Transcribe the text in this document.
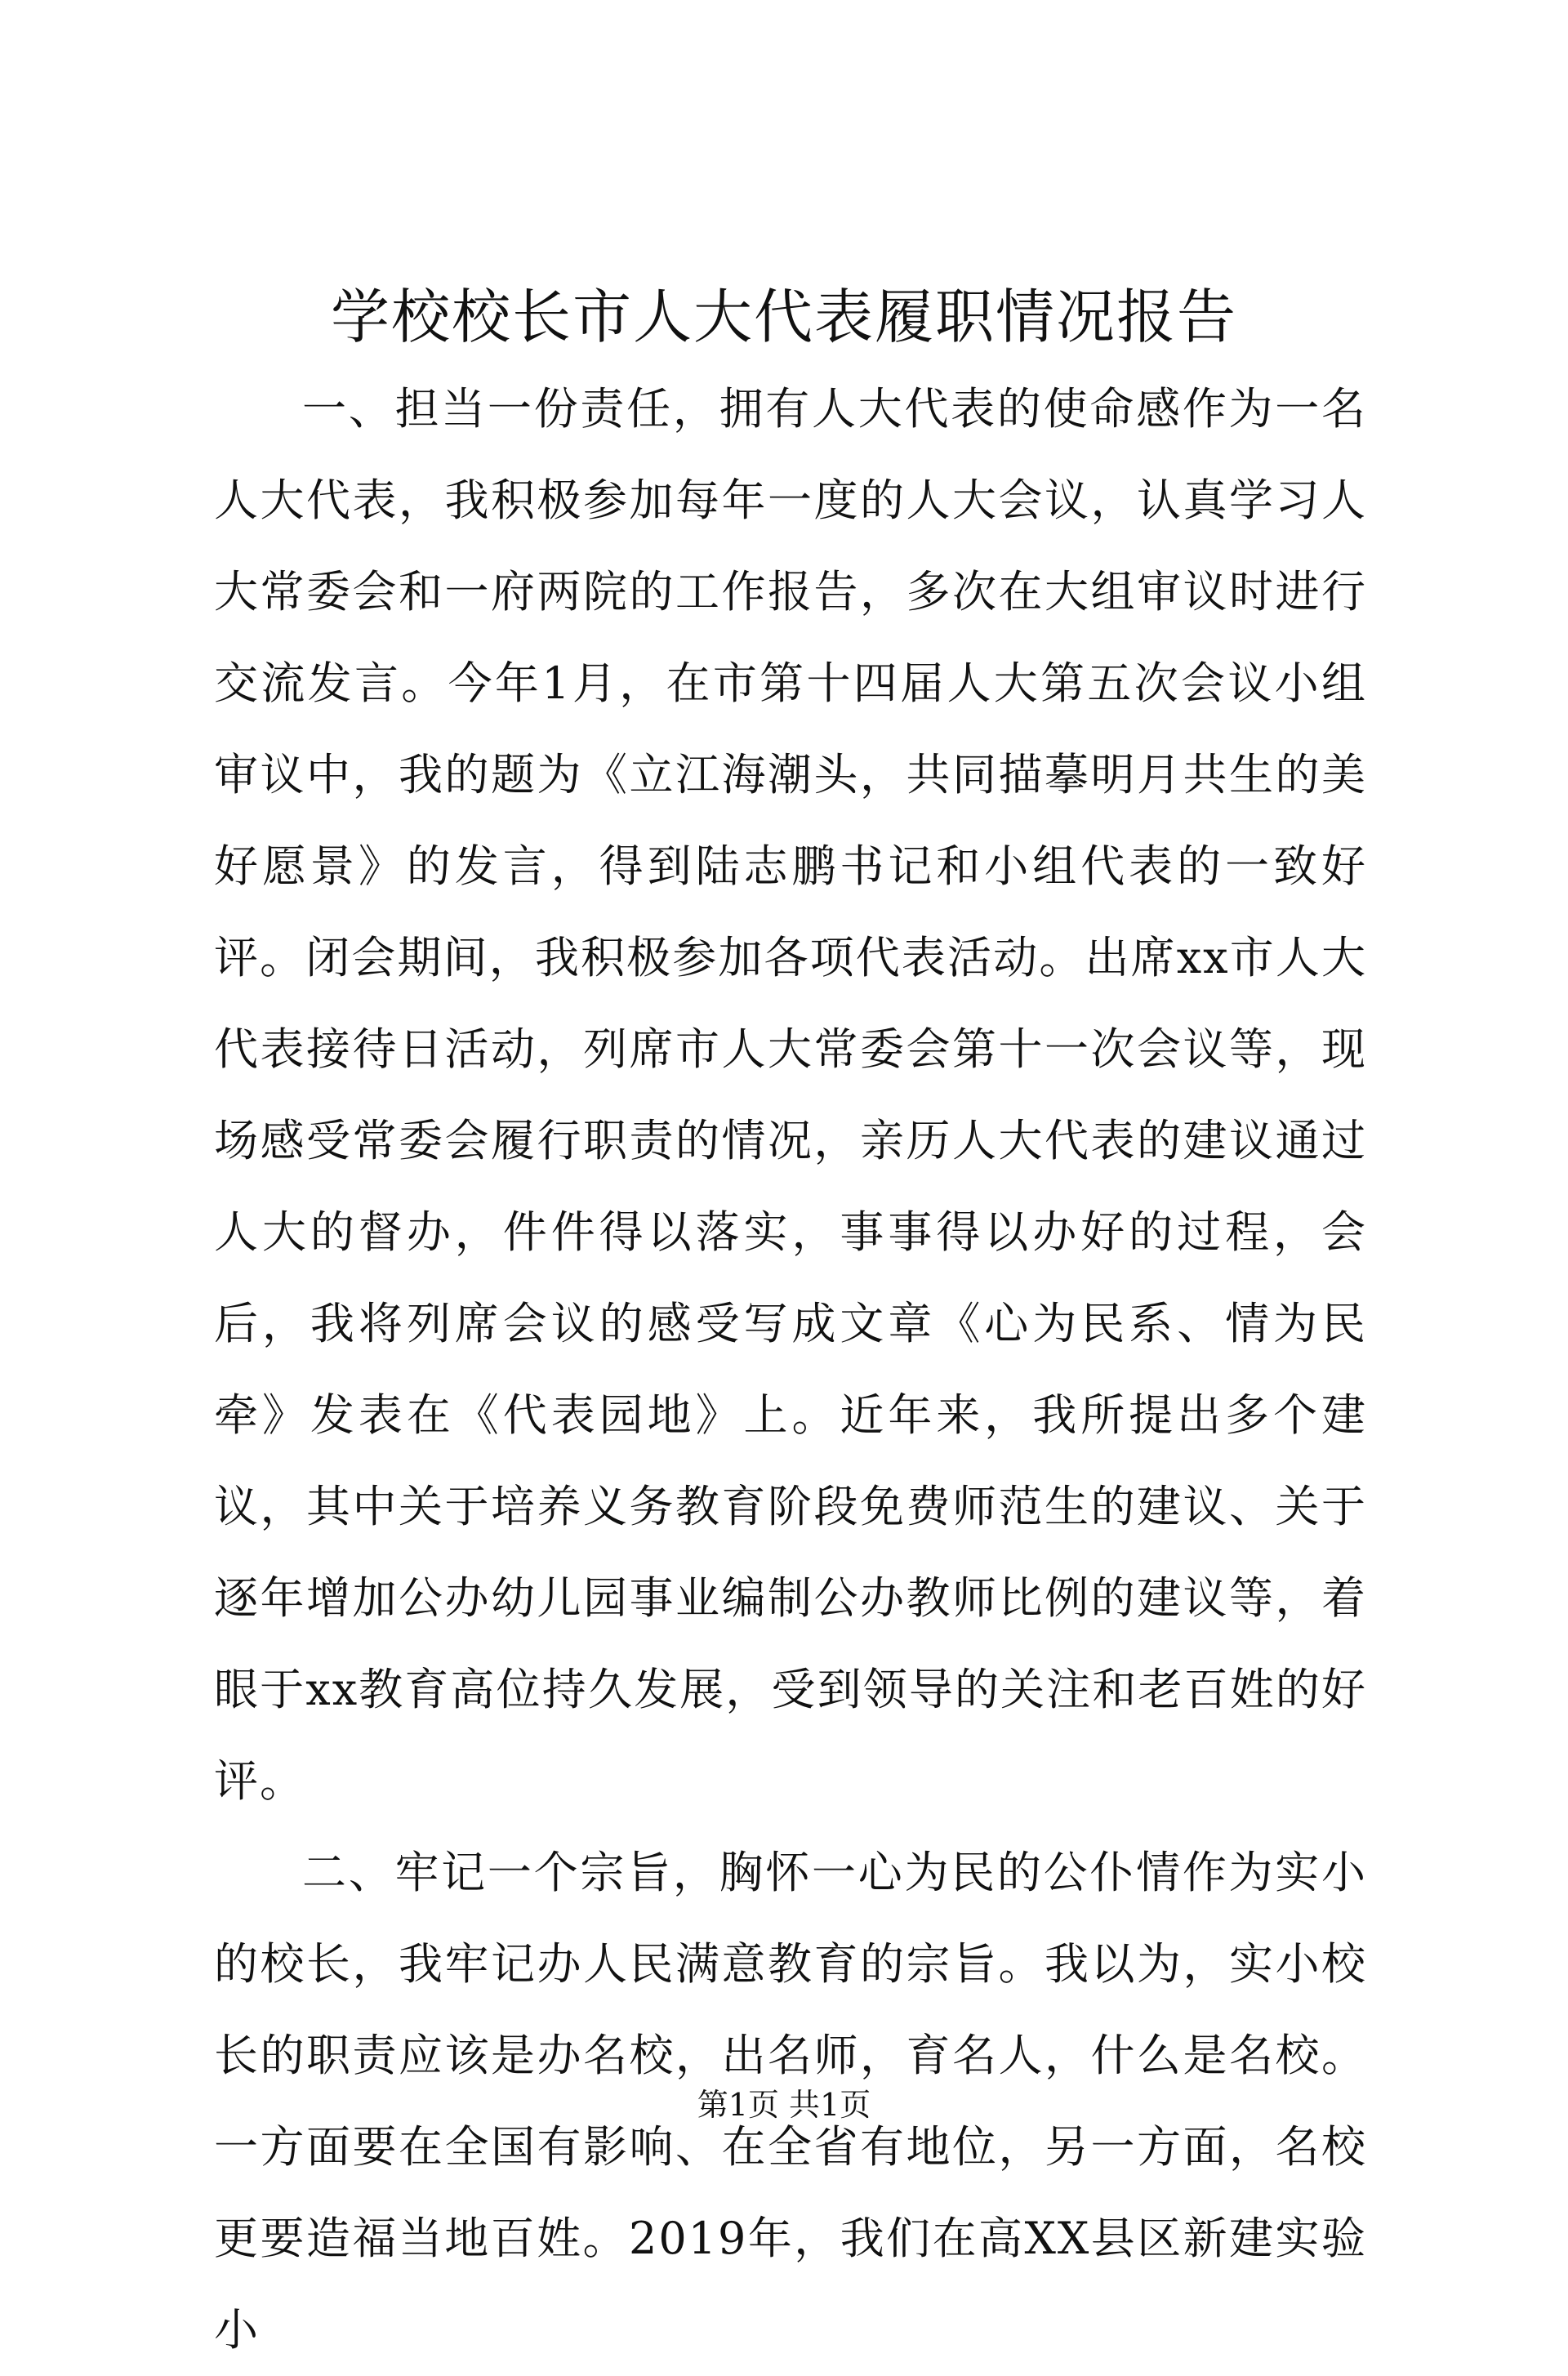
学校校长市人大代表履职情况报告

一、担当一份责任，拥有人大代表的使命感作为一名人大代表，我积极参加每年一度的人大会议，认真学习人大常委会和一府两院的工作报告，多次在大组审议时进行交流发言。今年1月，在市第十四届人大第五次会议小组审议中，我的题为《立江海潮头，共同描摹明月共生的美好愿景》的发言，得到陆志鹏书记和小组代表的一致好评。闭会期间，我积极参加各项代表活动。出席xx市人大代表接待日活动，列席市人大常委会第十一次会议等，现场感受常委会履行职责的情况，亲历人大代表的建议通过人大的督办，件件得以落实，事事得以办好的过程，会后，我将列席会议的感受写成文章《心为民系、情为民牵》发表在《代表园地》上。近年来，我所提出多个建议，其中关于培养义务教育阶段免费师范生的建议、关于逐年增加公办幼儿园事业编制公办教师比例的建议等，着眼于xx教育高位持久发展，受到领导的关注和老百姓的好评。

二、牢记一个宗旨，胸怀一心为民的公仆情作为实小的校长，我牢记办人民满意教育的宗旨。我以为，实小校长的职责应该是办名校，出名师，育名人，什么是名校。一方面要在全国有影响、在全省有地位，另一方面，名校更要造福当地百姓。2019年，我们在高XX县区新建实验小

第1页 共1页
